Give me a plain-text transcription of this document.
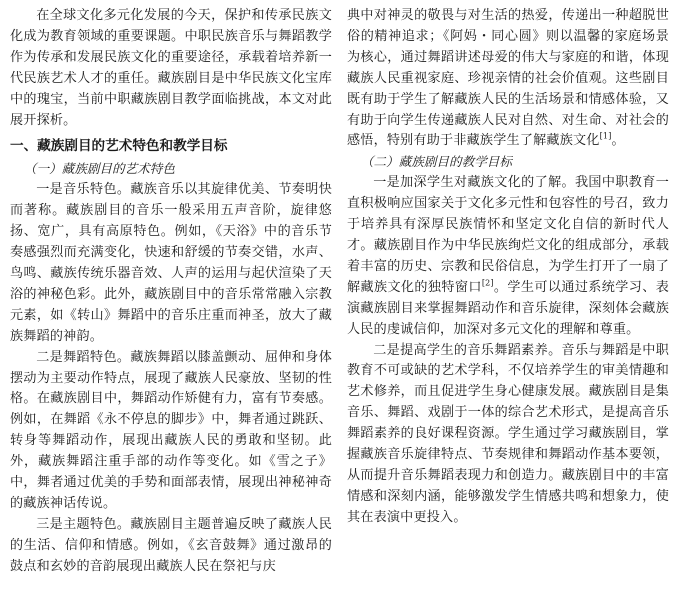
在全球文化多元化发展的今天，保护和传承民族文化成为教育领域的重要课题。中职民族音乐与舞蹈教学作为传承和发展民族文化的重要途径，承载着培养新一代民族艺术人才的重任。藏族剧目是中华民族文化宝库中的瑰宝，当前中职藏族剧目教学面临挑战，本文对此展开探析。

一、藏族剧目的艺术特色和教学目标
（一）藏族剧目的艺术特色

一是音乐特色。藏族音乐以其旋律优美、节奏明快而著称。藏族剧目的音乐一般采用五声音阶，旋律悠扬、宽广，具有高原特色。例如，《天浴》中的音乐节奏感强烈而充满变化，快速和舒缓的节奏交错，水声、鸟鸣、藏族传统乐器音效、人声的运用与起伏渲染了天浴的神秘色彩。此外，藏族剧目中的音乐常常融入宗教元素，如《转山》舞蹈中的音乐庄重而神圣，放大了藏族舞蹈的神韵。

二是舞蹈特色。藏族舞蹈以膝盖颤动、屈伸和身体摆动为主要动作特点，展现了藏族人民豪放、坚韧的性格。在藏族剧目中，舞蹈动作矫健有力，富有节奏感。例如，在舞蹈《永不停息的脚步》中，舞者通过跳跃、转身等舞蹈动作，展现出藏族人民的勇敢和坚韧。此外，藏族舞蹈注重手部的动作等变化。如《雪之子》中，舞者通过优美的手势和面部表情，展现出神秘神奇的藏族神话传说。

三是主题特色。藏族剧目主题普遍反映了藏族人民的生活、信仰和情感。例如，《玄音鼓舞》通过激昂的鼓点和玄妙的音韵展现出藏族人民在祭祀与庆

典中对神灵的敬畏与对生活的热爱，传递出一种超脱世俗的精神追求；《阿妈・同心圆》则以温馨的家庭场景为核心，通过舞蹈讲述母爱的伟大与家庭的和谐，体现藏族人民重视家庭、珍视亲情的社会价值观。这些剧目既有助于学生了解藏族人民的生活场景和情感体验，又有助于向学生传递藏族人民对自然、对生命、对社会的感悟，特别有助于非藏族学生了解藏族文化[1]。

（二）藏族剧目的教学目标

一是加深学生对藏族文化的了解。我国中职教育一直积极响应国家关于文化多元性和包容性的号召，致力于培养具有深厚民族情怀和坚定文化自信的新时代人才。藏族剧目作为中华民族绚烂文化的组成部分，承载着丰富的历史、宗教和民俗信息，为学生打开了一扇了解藏族文化的独特窗口[2]。学生可以通过系统学习、表演藏族剧目来掌握舞蹈动作和音乐旋律，深刻体会藏族人民的虔诚信仰，加深对多元文化的理解和尊重。

二是提高学生的音乐舞蹈素养。音乐与舞蹈是中职教育不可或缺的艺术学科，不仅培养学生的审美情趣和艺术修养，而且促进学生身心健康发展。藏族剧目是集音乐、舞蹈、戏剧于一体的综合艺术形式，是提高音乐舞蹈素养的良好课程资源。学生通过学习藏族剧目，掌握藏族音乐旋律特点、节奏规律和舞蹈动作基本要领，从而提升音乐舞蹈表现力和创造力。藏族剧目中的丰富情感和深刻内涵，能够激发学生情感共鸣和想象力，使其在表演中更投入。
